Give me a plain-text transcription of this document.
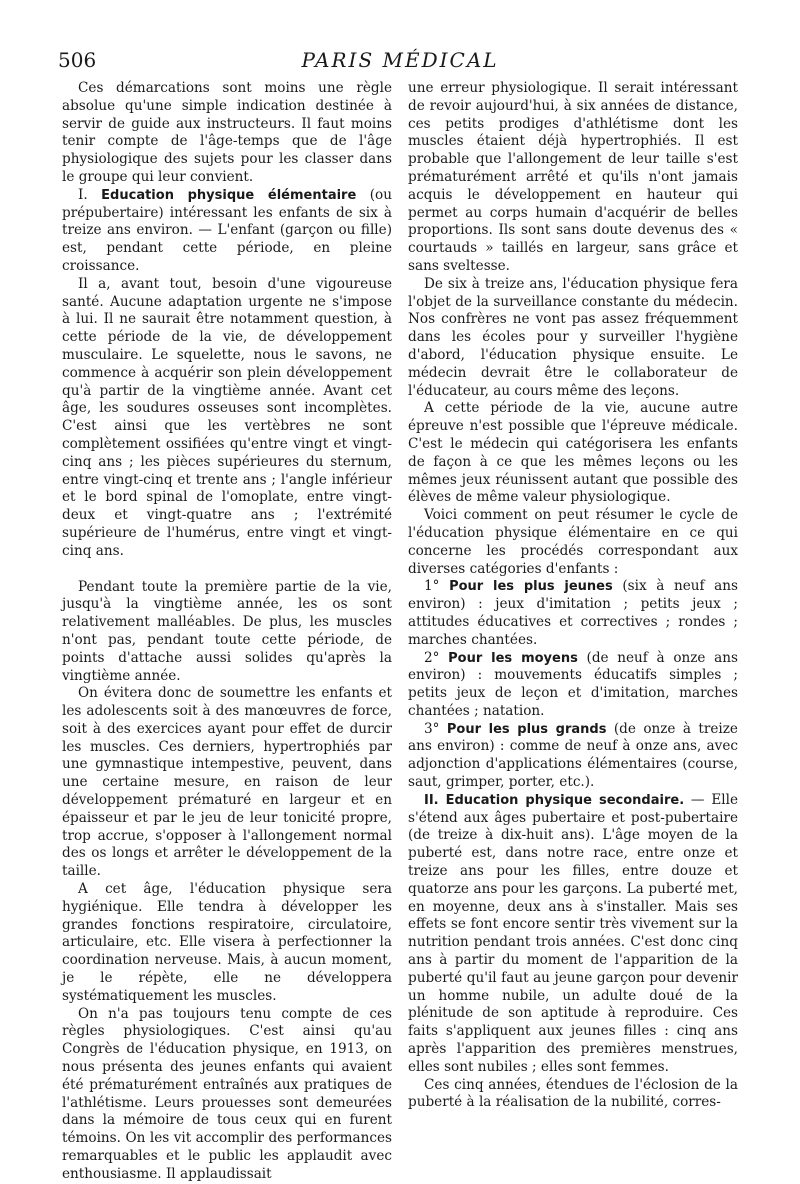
506	PARIS MÉDICAL

Ces démarcations sont moins une règle absolue qu'une simple indication destinée à servir de guide aux instructeurs. Il faut moins tenir compte de l'âge-temps que de l'âge physiologique des sujets pour les classer dans le groupe qui leur convient.

I. Education physique élémentaire (ou prépubertaire) intéressant les enfants de six à treize ans environ. — L'enfant (garçon ou fille) est, pendant cette période, en pleine croissance.

Il a, avant tout, besoin d'une vigoureuse santé. Aucune adaptation urgente ne s'impose à lui. Il ne saurait être notamment question, à cette période de la vie, de développement musculaire. Le squelette, nous le savons, ne commence à acquérir son plein développement qu'à partir de la vingtième année. Avant cet âge, les soudures osseuses sont incomplètes. C'est ainsi que les vertèbres ne sont complètement ossifiées qu'entre vingt et vingt-cinq ans ; les pièces supérieures du sternum, entre vingt-cinq et trente ans ; l'angle inférieur et le bord spinal de l'omoplate, entre vingt-deux et vingt-quatre ans ; l'extrémité supérieure de l'humérus, entre vingt et vingt-cinq ans.

Pendant toute la première partie de la vie, jusqu'à la vingtième année, les os sont relativement malléables. De plus, les muscles n'ont pas, pendant toute cette période, de points d'attache aussi solides qu'après la vingtième année.

On évitera donc de soumettre les enfants et les adolescents soit à des manœuvres de force, soit à des exercices ayant pour effet de durcir les muscles. Ces derniers, hypertrophiés par une gymnastique intempestive, peuvent, dans une certaine mesure, en raison de leur développement prématuré en largeur et en épaisseur et par le jeu de leur tonicité propre, trop accrue, s'opposer à l'allongement normal des os longs et arrêter le développement de la taille.

A cet âge, l'éducation physique sera hygiénique. Elle tendra à développer les grandes fonctions respiratoire, circulatoire, articulaire, etc. Elle visera à perfectionner la coordination nerveuse. Mais, à aucun moment, je le répète, elle ne développera systématiquement les muscles.

On n'a pas toujours tenu compte de ces règles physiologiques. C'est ainsi qu'au Congrès de l'éducation physique, en 1913, on nous présenta des jeunes enfants qui avaient été prématurément entraînés aux pratiques de l'athlétisme. Leurs prouesses sont demeurées dans la mémoire de tous ceux qui en furent témoins. On les vit accomplir des performances remarquables et le public les applaudit avec enthousiasme. Il applaudissait

une erreur physiologique. Il serait intéressant de revoir aujourd'hui, à six années de distance, ces petits prodiges d'athlétisme dont les muscles étaient déjà hypertrophiés. Il est probable que l'allongement de leur taille s'est prématurément arrêté et qu'ils n'ont jamais acquis le développement en hauteur qui permet au corps humain d'acquérir de belles proportions. Ils sont sans doute devenus des « courtauds » taillés en largeur, sans grâce et sans sveltesse.

De six à treize ans, l'éducation physique fera l'objet de la surveillance constante du médecin. Nos confrères ne vont pas assez fréquemment dans les écoles pour y surveiller l'hygiène d'abord, l'éducation physique ensuite. Le médecin devrait être le collaborateur de l'éducateur, au cours même des leçons.

A cette période de la vie, aucune autre épreuve n'est possible que l'épreuve médicale. C'est le médecin qui catégorisera les enfants de façon à ce que les mêmes leçons ou les mêmes jeux réunissent autant que possible des élèves de même valeur physiologique.

Voici comment on peut résumer le cycle de l'éducation physique élémentaire en ce qui concerne les procédés correspondant aux diverses catégories d'enfants :

1° Pour les plus jeunes (six à neuf ans environ) : jeux d'imitation ; petits jeux ; attitudes éducatives et correctives ; rondes ; marches chantées.

2° Pour les moyens (de neuf à onze ans environ) : mouvements éducatifs simples ; petits jeux de leçon et d'imitation, marches chantées ; natation.

3° Pour les plus grands (de onze à treize ans environ) : comme de neuf à onze ans, avec adjonction d'applications élémentaires (course, saut, grimper, porter, etc.).

II. Education physique secondaire. — Elle s'étend aux âges pubertaire et post-pubertaire (de treize à dix-huit ans). L'âge moyen de la puberté est, dans notre race, entre onze et treize ans pour les filles, entre douze et quatorze ans pour les garçons. La puberté met, en moyenne, deux ans à s'installer. Mais ses effets se font encore sentir très vivement sur la nutrition pendant trois années. C'est donc cinq ans à partir du moment de l'apparition de la puberté qu'il faut au jeune garçon pour devenir un homme nubile, un adulte doué de la plénitude de son aptitude à reproduire. Ces faits s'appliquent aux jeunes filles : cinq ans après l'apparition des premières menstrues, elles sont nubiles ; elles sont femmes.

Ces cinq années, étendues de l'éclosion de la puberté à la réalisation de la nubilité, corres-
